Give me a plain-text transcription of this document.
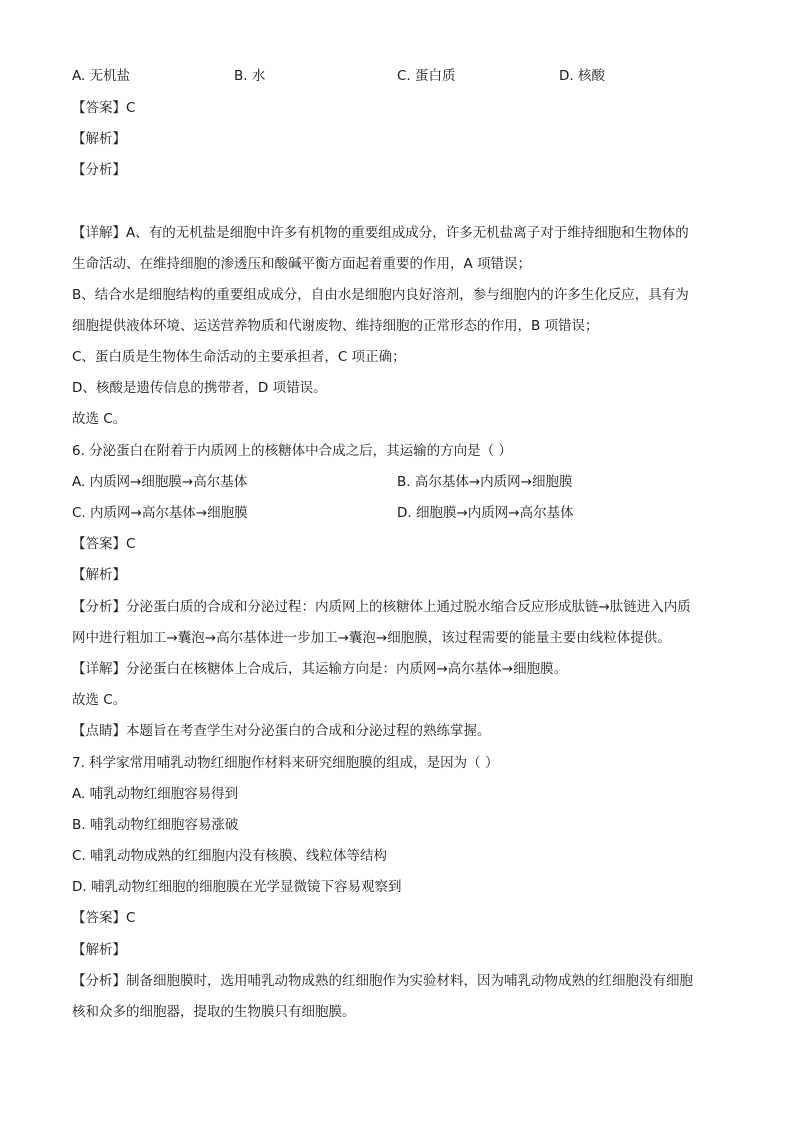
A. 无机盐	B. 水	C. 蛋白质	D. 核酸
【答案】C
【解析】
【分析】
【详解】A、有的无机盐是细胞中许多有机物的重要组成成分，许多无机盐离子对于维持细胞和生物体的
生命活动、在维持细胞的渗透压和酸碱平衡方面起着重要的作用，A 项错误；
B、结合水是细胞结构的重要组成成分，自由水是细胞内良好溶剂，参与细胞内的许多生化反应，具有为
细胞提供液体环境、运送营养物质和代谢废物、维持细胞的正常形态的作用，B 项错误；
C、蛋白质是生物体生命活动的主要承担者，C 项正确；
D、核酸是遗传信息的携带者，D 项错误。
故选 C。
6. 分泌蛋白在附着于内质网上的核糖体中合成之后，其运输的方向是（ ）
A. 内质网→细胞膜→高尔基体	B. 高尔基体→内质网→细胞膜
C. 内质网→高尔基体→细胞膜	D. 细胞膜→内质网→高尔基体
【答案】C
【解析】
【分析】分泌蛋白质的合成和分泌过程：内质网上的核糖体上通过脱水缩合反应形成肽链→肽链进入内质
网中进行粗加工→囊泡→高尔基体进一步加工→囊泡→细胞膜，该过程需要的能量主要由线粒体提供。
【详解】分泌蛋白在核糖体上合成后，其运输方向是：内质网→高尔基体→细胞膜。
故选 C。
【点睛】本题旨在考查学生对分泌蛋白的合成和分泌过程的熟练掌握。
7. 科学家常用哺乳动物红细胞作材料来研究细胞膜的组成，是因为（ ）
A. 哺乳动物红细胞容易得到
B. 哺乳动物红细胞容易涨破
C. 哺乳动物成熟的红细胞内没有核膜、线粒体等结构
D. 哺乳动物红细胞的细胞膜在光学显微镜下容易观察到
【答案】C
【解析】
【分析】制备细胞膜时，选用哺乳动物成熟的红细胞作为实验材料，因为哺乳动物成熟的红细胞没有细胞
核和众多的细胞器，提取的生物膜只有细胞膜。
